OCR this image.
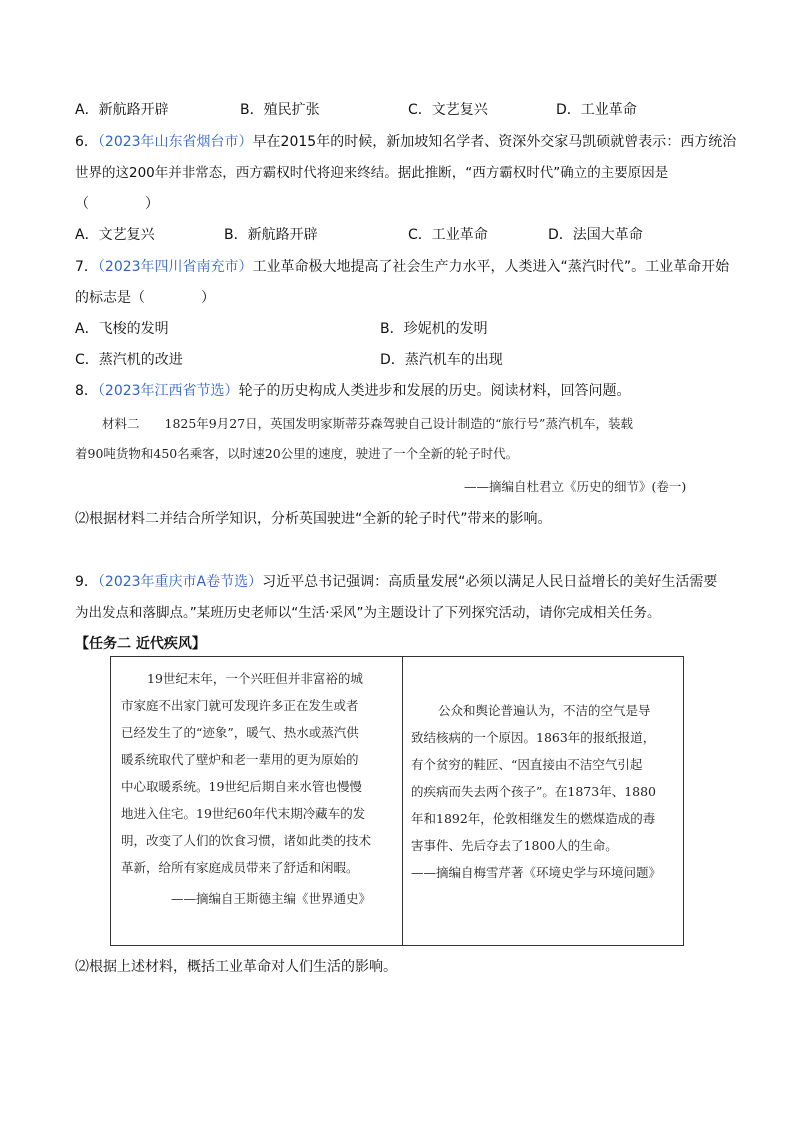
A．新航路开辟	B．殖民扩张	C．文艺复兴	D．工业革命
6．（2023年山东省烟台市）早在2015年的时候，新加坡知名学者、资深外交家马凯硕就曾表示：西方统治
世界的这200年并非常态，西方霸权时代将迎来终结。据此推断，“西方霸权时代”确立的主要原因是
（　　　　）
A．文艺复兴	B．新航路开辟	C．工业革命	D．法国大革命
7．（2023年四川省南充市）工业革命极大地提高了社会生产力水平，人类进入“蒸汽时代”。工业革命开始
的标志是（　　　　）
A．飞梭的发明	B．珍妮机的发明
C．蒸汽机的改进	D．蒸汽机车的出现
8．（2023年江西省节选）轮子的历史构成人类进步和发展的历史。阅读材料，回答问题。
材料二　　1825年9月27日，英国发明家斯蒂芬森驾驶自己设计制造的“旅行号”蒸汽机车，装载
着90吨货物和450名乘客，以时速20公里的速度，驶进了一个全新的轮子时代。
——摘编自杜君立《历史的细节》(卷一)
⑵根据材料二并结合所学知识，分析英国驶进“全新的轮子时代”带来的影响。
9．（2023年重庆市A卷节选）习近平总书记强调：高质量发展“必须以满足人民日益增长的美好生活需要
为出发点和落脚点。”某班历史老师以“生活·采风”为主题设计了下列探究活动，请你完成相关任务。
【任务二 近代疾风】
19世纪末年，一个兴旺但并非富裕的城
市家庭不出家门就可发现许多正在发生或者
已经发生了的“迹象”，暖气、热水或蒸汽供
暖系统取代了壁炉和老一辈用的更为原始的
中心取暖系统。19世纪后期自来水管也慢慢
地进入住宅。19世纪60年代末期冷藏车的发
明，改变了人们的饮食习惯，诸如此类的技术
革新，给所有家庭成员带来了舒适和闲暇。
——摘编自王斯德主编《世界通史》
公众和舆论普遍认为，不洁的空气是导
致结核病的一个原因。1863年的报纸报道，
有个贫穷的鞋匠、“因直接由不洁空气引起
的疾病而失去两个孩子”。在1873年、1880
年和1892年，伦敦相继发生的燃煤造成的毒
害事件、先后夺去了1800人的生命。
——摘编自梅雪芹著《环境史学与环境问题》
⑵根据上述材料，概括工业革命对人们生活的影响。
